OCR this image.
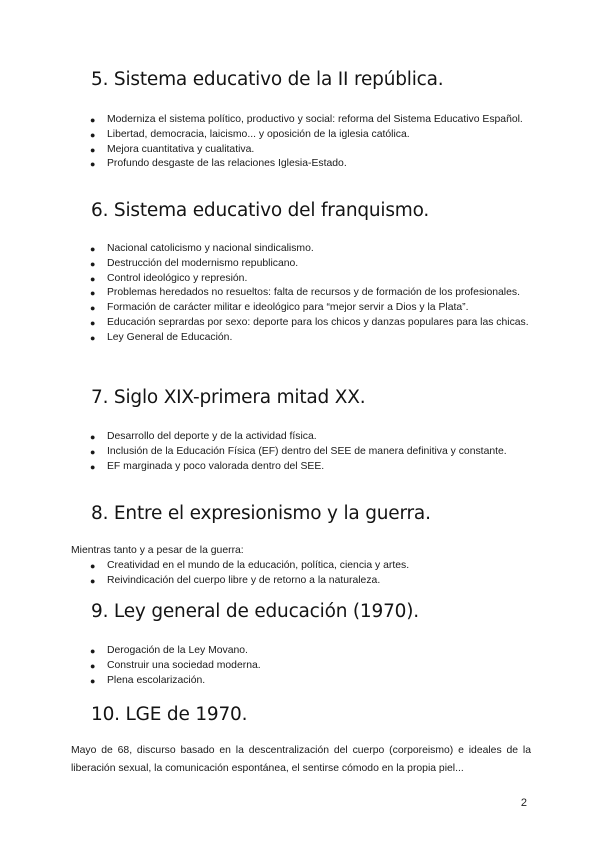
5. Sistema educativo de la II república.
● Moderniza el sistema político, productivo y social: reforma del Sistema Educativo Español.
● Libertad, democracia, laicismo... y oposición de la iglesia católica.
● Mejora cuantitativa y cualitativa.
● Profundo desgaste de las relaciones Iglesia-Estado.
6. Sistema educativo del franquismo.
● Nacional catolicismo y nacional sindicalismo.
● Destrucción del modernismo republicano.
● Control ideológico y represión.
● Problemas heredados no resueltos: falta de recursos y de formación de los profesionales.
● Formación de carácter militar e ideológico para “mejor servir a Dios y la Plata”.
● Educación seprardas por sexo: deporte para los chicos y danzas populares para las chicas.
● Ley General de Educación.
7. Siglo XIX-primera mitad XX.
● Desarrollo del deporte y de la actividad física.
● Inclusión de la Educación Física (EF) dentro del SEE de manera definitiva y constante.
● EF marginada y poco valorada dentro del SEE.
8. Entre el expresionismo y la guerra.
Mientras tanto y a pesar de la guerra:
● Creatividad en el mundo de la educación, política, ciencia y artes.
● Reivindicación del cuerpo libre y de retorno a la naturaleza.
9. Ley general de educación (1970).
● Derogación de la Ley Movano.
● Construir una sociedad moderna.
● Plena escolarización.
10. LGE de 1970.
Mayo de 68, discurso basado en la descentralización del cuerpo (corporeismo) e ideales de la liberación sexual, la comunicación espontánea, el sentirse cómodo en la propia piel...
2
